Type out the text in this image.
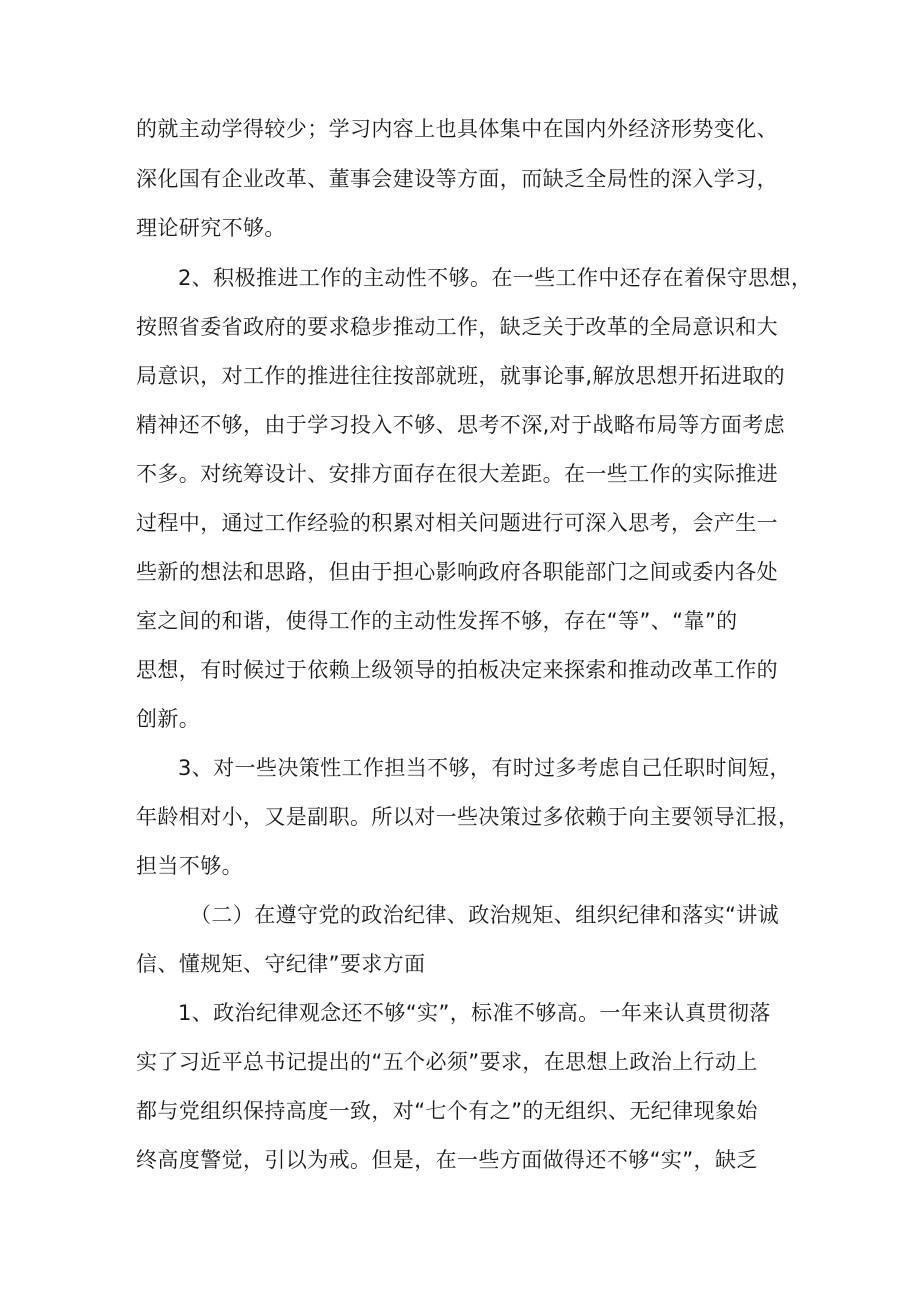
的就主动学得较少；学习内容上也具体集中在国内外经济形势变化、
深化国有企业改革、董事会建设等方面，而缺乏全局性的深入学习，
理论研究不够。
2、积极推进工作的主动性不够。在一些工作中还存在着保守思想，
按照省委省政府的要求稳步推动工作，缺乏关于改革的全局意识和大
局意识，对工作的推进往往按部就班，就事论事,解放思想开拓进取的
精神还不够，由于学习投入不够、思考不深,对于战略布局等方面考虑
不多。对统筹设计、安排方面存在很大差距。在一些工作的实际推进
过程中，通过工作经验的积累对相关问题进行可深入思考，会产生一
些新的想法和思路，但由于担心影响政府各职能部门之间或委内各处
室之间的和谐，使得工作的主动性发挥不够，存在“等”、“靠”的
思想，有时候过于依赖上级领导的拍板决定来探索和推动改革工作的
创新。
3、对一些决策性工作担当不够，有时过多考虑自己任职时间短，
年龄相对小，又是副职。所以对一些决策过多依赖于向主要领导汇报，
担当不够。
（二）在遵守党的政治纪律、政治规矩、组织纪律和落实“讲诚
信、懂规矩、守纪律”要求方面
1、政治纪律观念还不够“实”，标准不够高。一年来认真贯彻落
实了习近平总书记提出的“五个必须”要求，在思想上政治上行动上
都与党组织保持高度一致，对“七个有之”的无组织、无纪律现象始
终高度警觉，引以为戒。但是，在一些方面做得还不够“实”，缺乏
